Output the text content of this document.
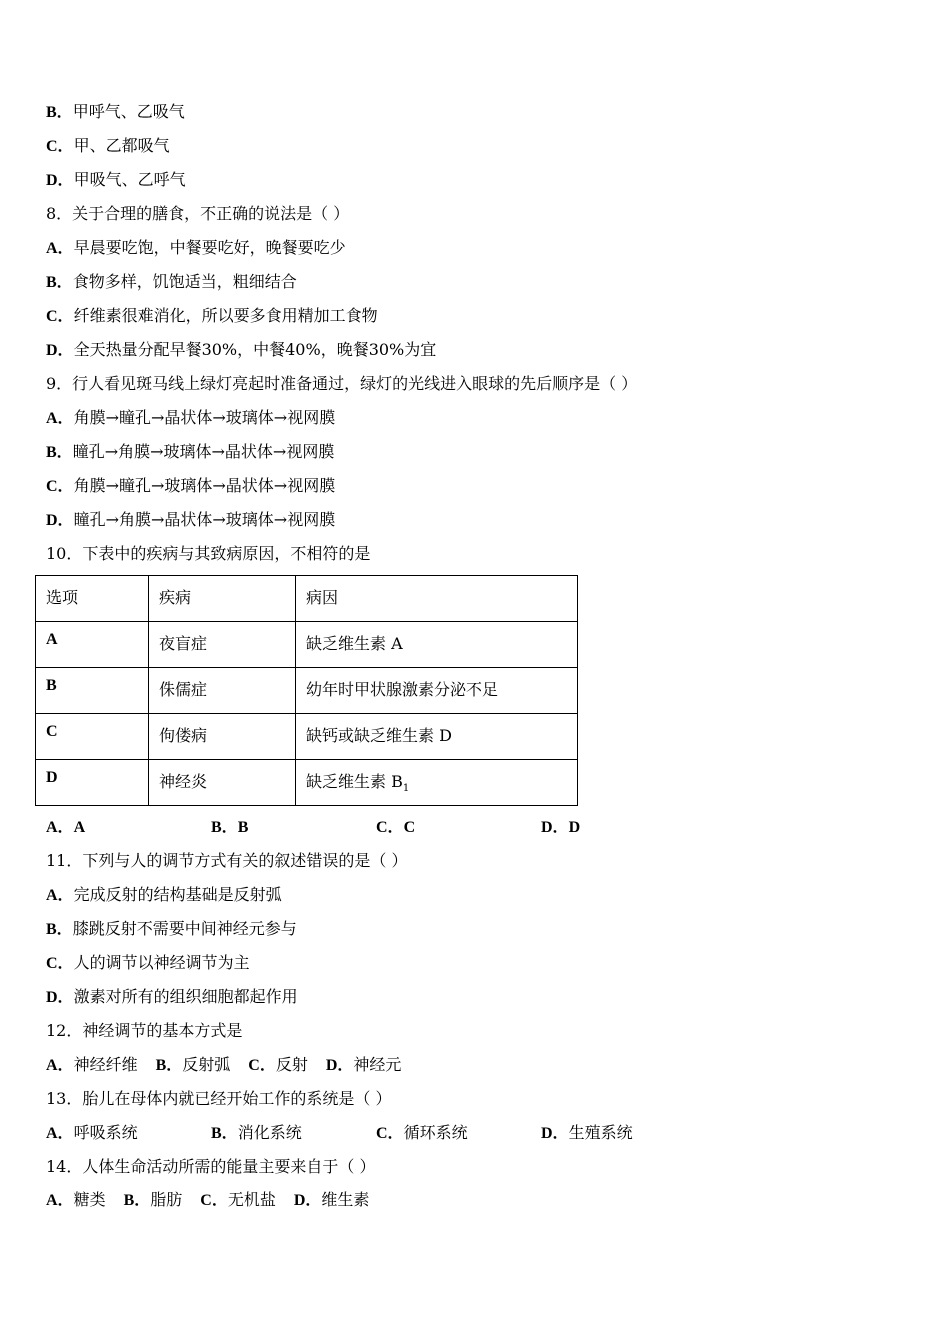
B．甲呼气、乙吸气
C．甲、乙都吸气
D．甲吸气、乙呼气
8．关于合理的膳食，不正确的说法是（ ）
A．早晨要吃饱，中餐要吃好，晚餐要吃少
B．食物多样，饥饱适当，粗细结合
C．纤维素很难消化，所以要多食用精加工食物
D．全天热量分配早餐30%，中餐40%，晚餐30%为宜
9．行人看见斑马线上绿灯亮起时准备通过，绿灯的光线进入眼球的先后顺序是（ ）
A．角膜→瞳孔→晶状体→玻璃体→视网膜
B．瞳孔→角膜→玻璃体→晶状体→视网膜
C．角膜→瞳孔→玻璃体→晶状体→视网膜
D．瞳孔→角膜→晶状体→玻璃体→视网膜
10．下表中的疾病与其致病原因，不相符的是
选项	疾病	病因
A	夜盲症	缺乏维生素 A
B	侏儒症	幼年时甲状腺激素分泌不足
C	佝偻病	缺钙或缺乏维生素 D
D	神经炎	缺乏维生素 $B_1$
A．A	B．B	C．C	D．D
11．下列与人的调节方式有关的叙述错误的是（ ）
A．完成反射的结构基础是反射弧
B．膝跳反射不需要中间神经元参与
C．人的调节以神经调节为主
D．激素对所有的组织细胞都起作用
12．神经调节的基本方式是
A．神经纤维 B．反射弧 C．反射 D．神经元
13．胎儿在母体内就已经开始工作的系统是（ ）
A．呼吸系统	B．消化系统	C．循环系统	D．生殖系统
14．人体生命活动所需的能量主要来自于（ ）
A．糖类 B．脂肪 C．无机盐 D．维生素
